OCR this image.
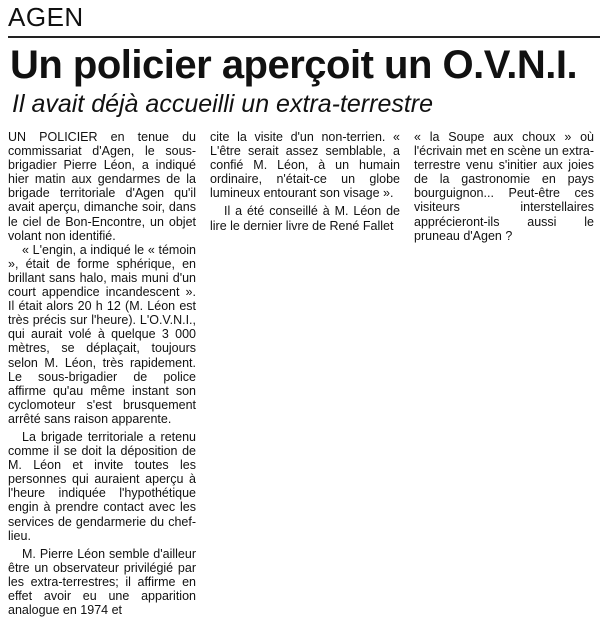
AGEN
Un policier aperçoit un O.V.N.I.
Il avait déjà accueilli un extra-terrestre

UN POLICIER en tenue du commissariat d'Agen, le sous-brigadier Pierre Léon, a indiqué hier matin aux gendarmes de la brigade territoriale d'Agen qu'il avait aperçu, dimanche soir, dans le ciel de Bon-Encontre, un objet volant non identifié.

« L'engin, a indiqué le « témoin », était de forme sphérique, en brillant sans halo, mais muni d'un court appendice incandescent ». Il était alors 20 h 12 (M. Léon est très précis sur l'heure). L'O.V.N.I., qui aurait volé à quelque 3 000 mètres, se déplaçait, toujours selon M. Léon, très rapidement. Le sous-brigadier de police affirme qu'au même instant son cyclomoteur s'est brusquement arrêté sans raison apparente.

La brigade territoriale a retenu comme il se doit la déposition de M. Léon et invite toutes les personnes qui auraient aperçu à l'heure indiquée l'hypothétique engin à prendre contact avec les services de gendarmerie du chef-lieu.

M. Pierre Léon semble d'ailleur être un observateur privilégié par les extra-terrestres; il affirme en effet avoir eu une apparition analogue en 1974 et

cite la visite d'un non-terrien. « L'être serait assez semblable, a confié M. Léon, à un humain ordinaire, n'était-ce un globe lumineux entourant son visage ».

Il a été conseillé à M. Léon de lire le dernier livre de René Fallet

« la Soupe aux choux » où l'écrivain met en scène un extra-terrestre venu s'initier aux joies de la gastronomie en pays bourguignon... Peut-être ces visiteurs interstellaires apprécieront-ils aussi le pruneau d'Agen ?
